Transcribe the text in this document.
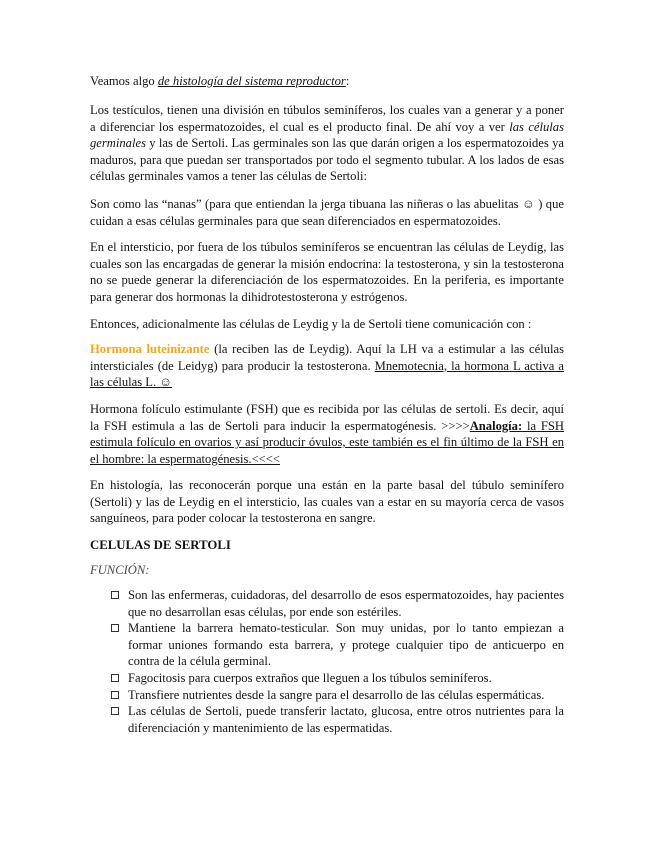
Veamos algo de histología del sistema reproductor:

Los testículos, tienen una división en túbulos seminíferos, los cuales van a generar y a poner a diferenciar los espermatozoides, el cual es el producto final. De ahí voy a ver las células germinales y las de Sertoli. Las germinales son las que darán origen a los espermatozoides ya maduros, para que puedan ser transportados por todo el segmento tubular. A los lados de esas células germinales vamos a tener las células de Sertoli:

Son como las “nanas” (para que entiendan la jerga tibuana las niñeras o las abuelitas ☺ ) que cuidan a esas células germinales para que sean diferenciados en espermatozoides.

En el intersticio, por fuera de los túbulos seminíferos se encuentran las células de Leydig, las cuales son las encargadas de generar la misión endocrina: la testosterona, y sin la testosterona no se puede generar la diferenciación de los espermatozoides. En la periferia, es importante para generar dos hormonas la dihidrotestosterona y estrógenos.

Entonces, adicionalmente las células de Leydig y la de Sertoli tiene comunicación con :

Hormona luteinizante (la reciben las de Leydig). Aquí la LH va a estimular a las células intersticiales (de Leidyg) para producir la testosterona. Mnemotecnia, la hormona L activa a las células L. ☺

Hormona folículo estimulante (FSH) que es recibida por las células de sertoli. Es decir, aquí la FSH estimula a las de Sertoli para inducir la espermatogénesis. >>>>Analogía: la FSH estimula folículo en ovarios y así producir óvulos, este también es el fin último de la FSH en el hombre: la espermatogénesis.<<<<

En histología, las reconocerán porque una están en la parte basal del túbulo seminífero (Sertoli) y las de Leydig en el intersticio, las cuales van a estar en su mayoría cerca de vasos sanguíneos, para poder colocar la testosterona en sangre.

CELULAS DE SERTOLI

FUNCIÓN:

Son las enfermeras, cuidadoras, del desarrollo de esos espermatozoides, hay pacientes que no desarrollan esas células, por ende son estériles.
Mantiene la barrera hemato-testicular. Son muy unidas, por lo tanto empiezan a formar uniones formando esta barrera, y protege cualquier tipo de anticuerpo en contra de la célula germinal.
Fagocitosis para cuerpos extraños que lleguen a los túbulos seminíferos.
Transfiere nutrientes desde la sangre para el desarrollo de las células espermáticas.
Las células de Sertoli, puede transferir lactato, glucosa, entre otros nutrientes para la diferenciación y mantenimiento de las espermatidas.
